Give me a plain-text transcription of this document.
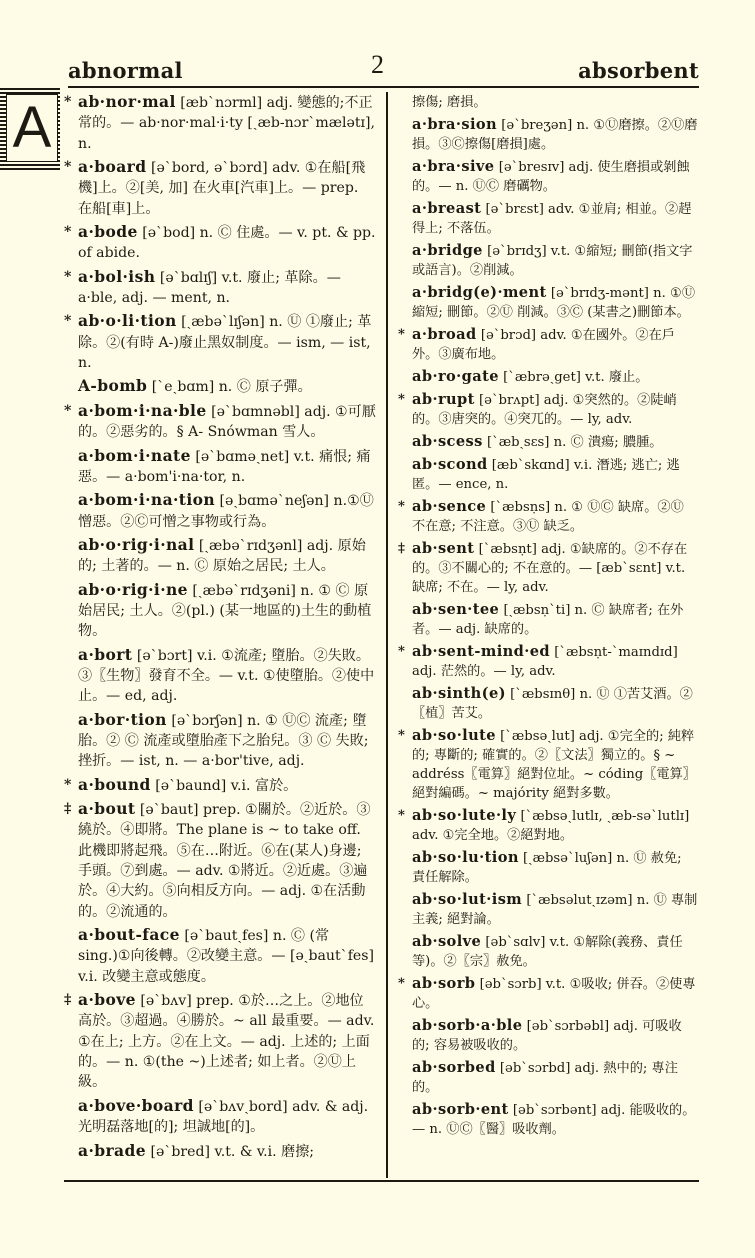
abnormal	2	absorbent
A * ab·nor·mal [æb`nɔrml] adj. 變態的;不正常的。— ab·nor·mal·i·ty [ˏæb-nɔr`mælətɪ], n.
* a·board [ə`bord, ə`bɔrd] adv. ①在船[飛機]上。②[美, 加] 在火車[汽車]上。— prep. 在船[車]上。
* a·bode [ə`bod] n. Ⓒ 住處。— v. pt. & pp. of abide.
* a·bol·ish [ə`bɑlɪʃ] v.t. 廢止; 革除。— a·ble, adj. — ment, n.
* ab·o·li·tion [ˏæbə`lɪʃən] n. Ⓤ ①廢止; 革除。②(有時 A-)廢止黑奴制度。— ism, — ist, n.
A-bomb [`eˏbɑm] n. Ⓒ 原子彈。
* a·bom·i·na·ble [ə`bɑmnəbl] adj. ①可厭的。②惡劣的。§ A- Snówman 雪人。
a·bom·i·nate [ə`bɑməˏnet] v.t. 痛恨; 痛惡。— a·bom'i·na·tor, n.
a·bom·i·na·tion [əˏbɑmə`neʃən] n.①Ⓤ 憎惡。②Ⓒ可憎之事物或行為。
ab·o·rig·i·nal [ˏæbə`rɪdʒənl] adj. 原始的; 土著的。— n. Ⓒ 原始之居民; 土人。
ab·o·rig·i·ne [ˏæbə`rɪdʒəni] n. ① Ⓒ 原始居民; 土人。②(pl.) (某一地區的)土生的動植物。
a·bort [ə`bɔrt] v.i. ①流產; 墮胎。②失敗。③〖生物〗發育不全。— v.t. ①使墮胎。②使中止。— ed, adj.
a·bor·tion [ə`bɔrʃən] n. ① ⓊⒸ 流產; 墮胎。② Ⓒ 流產或墮胎產下之胎兒。③ Ⓒ 失敗; 挫折。— ist, n. — a·bor'tive, adj.
* a·bound [ə`baund] v.i. 富於。
‡ a·bout [ə`baut] prep. ①關於。②近於。③繞於。④即將。The plane is ~ to take off. 此機即將起飛。⑤在…附近。⑥在(某人)身邊; 手頭。⑦到處。— adv. ①將近。②近處。③遍於。④大約。⑤向相反方向。— adj. ①在活動的。②流通的。
a·bout-face [ə`bautˏfes] n. Ⓒ (常 sing.)①向後轉。②改變主意。— [əˏbaut`fes] v.i. 改變主意或態度。
‡ a·bove [ə`bʌv] prep. ①於…之上。②地位高於。③超過。④勝於。~ all 最重要。— adv. ①在上; 上方。②在上文。— adj. 上述的; 上面的。— n. ①(the ~)上述者; 如上者。②Ⓤ上級。
a·bove·board [ə`bʌvˏbord] adv. & adj. 光明磊落地[的]; 坦誠地[的]。
a·brade [ə`bred] v.t. & v.i. 磨擦;
擦傷; 磨損。
a·bra·sion [ə`breʒən] n. ①Ⓤ磨擦。②Ⓤ磨損。③Ⓒ擦傷[磨損]處。
a·bra·sive [ə`bresɪv] adj. 使生磨損或剝蝕的。— n. ⓊⒸ 磨礪物。
a·breast [ə`brɛst] adv. ①並肩; 相並。②趕得上; 不落伍。
a·bridge [ə`brɪdʒ] v.t. ①縮短; 刪節(指文字或語言)。②削減。
a·bridg(e)·ment [ə`brɪdʒ-mənt] n. ①Ⓤ 縮短; 刪節。②Ⓤ 削減。③Ⓒ (某書之)刪節本。
* a·broad [ə`brɔd] adv. ①在國外。②在戶外。③廣布地。
ab·ro·gate [`æbrəˏget] v.t. 廢止。
* ab·rupt [ə`brʌpt] adj. ①突然的。②陡峭的。③唐突的。④突兀的。— ly, adv.
ab·scess [`æbˏsɛs] n. Ⓒ 潰瘍; 膿腫。
ab·scond [æb`skɑnd] v.i. 潛逃; 逃亡; 逃匿。— ence, n.
* ab·sence [`æbsṇs] n. ① ⓊⒸ 缺席。②Ⓤ 不在意; 不注意。③Ⓤ 缺乏。
‡ ab·sent [`æbsṇt] adj. ①缺席的。②不存在的。③不關心的; 不在意的。— [æb`sɛnt] v.t.缺席; 不在。— ly, adv.
ab·sen·tee [ˏæbsṇ`ti] n. Ⓒ 缺席者; 在外者。— adj. 缺席的。
* ab·sent-mind·ed [`æbsṇt-`maɪndɪd] adj. 茫然的。— ly, adv.
ab·sinth(e) [`æbsɪnθ] n. Ⓤ ①苦艾酒。②〖植〗苦艾。
* ab·so·lute [`æbsəˏlut] adj. ①完全的; 純粹的; 專斷的; 確實的。②〖文法〗獨立的。§ ~ addréss〖電算〗絕對位址。~ códing〖電算〗絕對編碼。~ majórity 絕對多數。
* ab·so·lute·ly [`æbsəˏlutlɪ, ˏæb-sə`lutlɪ] adv. ①完全地。②絕對地。
ab·so·lu·tion [ˏæbsə`luʃən] n. Ⓤ 赦免; 責任解除。
ab·so·lut·ism [`æbsəlutˏɪzəm] n. Ⓤ 專制主義; 絕對論。
ab·solve [əb`sɑlv] v.t. ①解除(義務、責任等)。②〖宗〗赦免。
* ab·sorb [əb`sɔrb] v.t. ①吸收; 併吞。②使專心。
ab·sorb·a·ble [əb`sɔrbəbl] adj. 可吸收的; 容易被吸收的。
ab·sorbed [əb`sɔrbd] adj. 熱中的; 專注的。
ab·sorb·ent [əb`sɔrbənt] adj. 能吸收的。— n. ⓊⒸ〖醫〗吸收劑。
